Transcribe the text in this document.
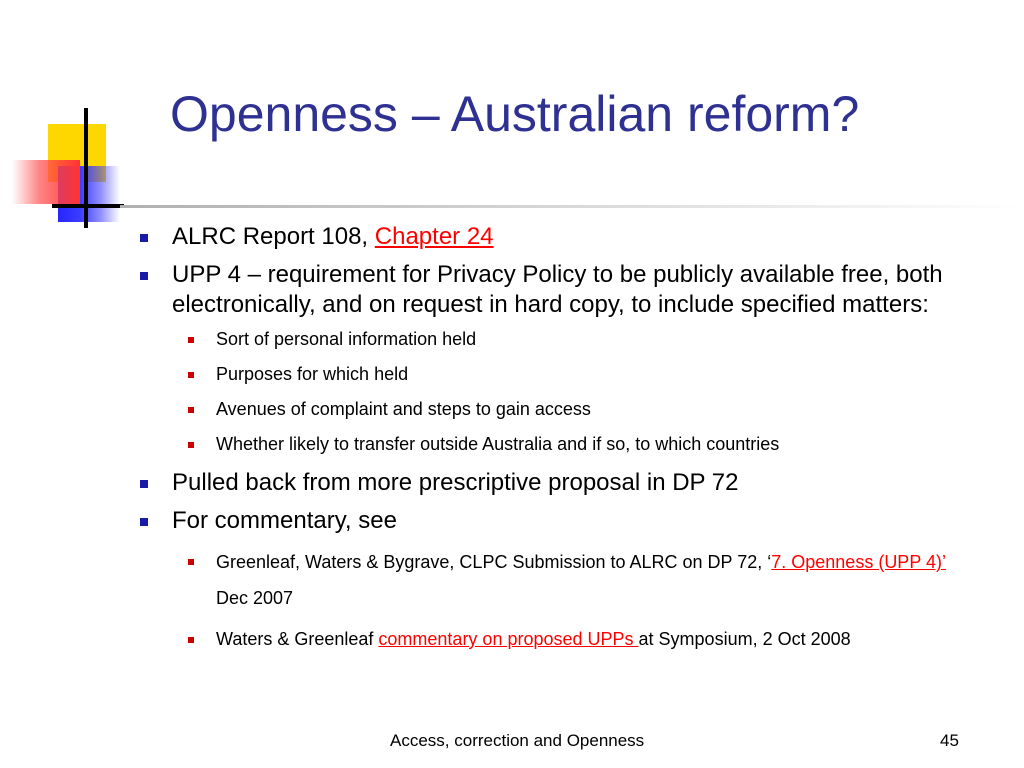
Openness – Australian reform?
ALRC Report 108, Chapter 24
UPP 4 – requirement for Privacy Policy to be publicly available free, both electronically, and on request in hard copy, to include specified matters:
Sort of personal information held
Purposes for which held
Avenues of complaint and steps to gain access
Whether likely to transfer outside Australia and if so, to which countries
Pulled back from more prescriptive proposal in DP 72
For commentary, see
Greenleaf, Waters & Bygrave, CLPC Submission to ALRC on DP 72, ‘7. Openness (UPP 4)’ Dec 2007
Waters & Greenleaf commentary on proposed UPPs at Symposium, 2 Oct 2008
Access, correction and Openness	45
